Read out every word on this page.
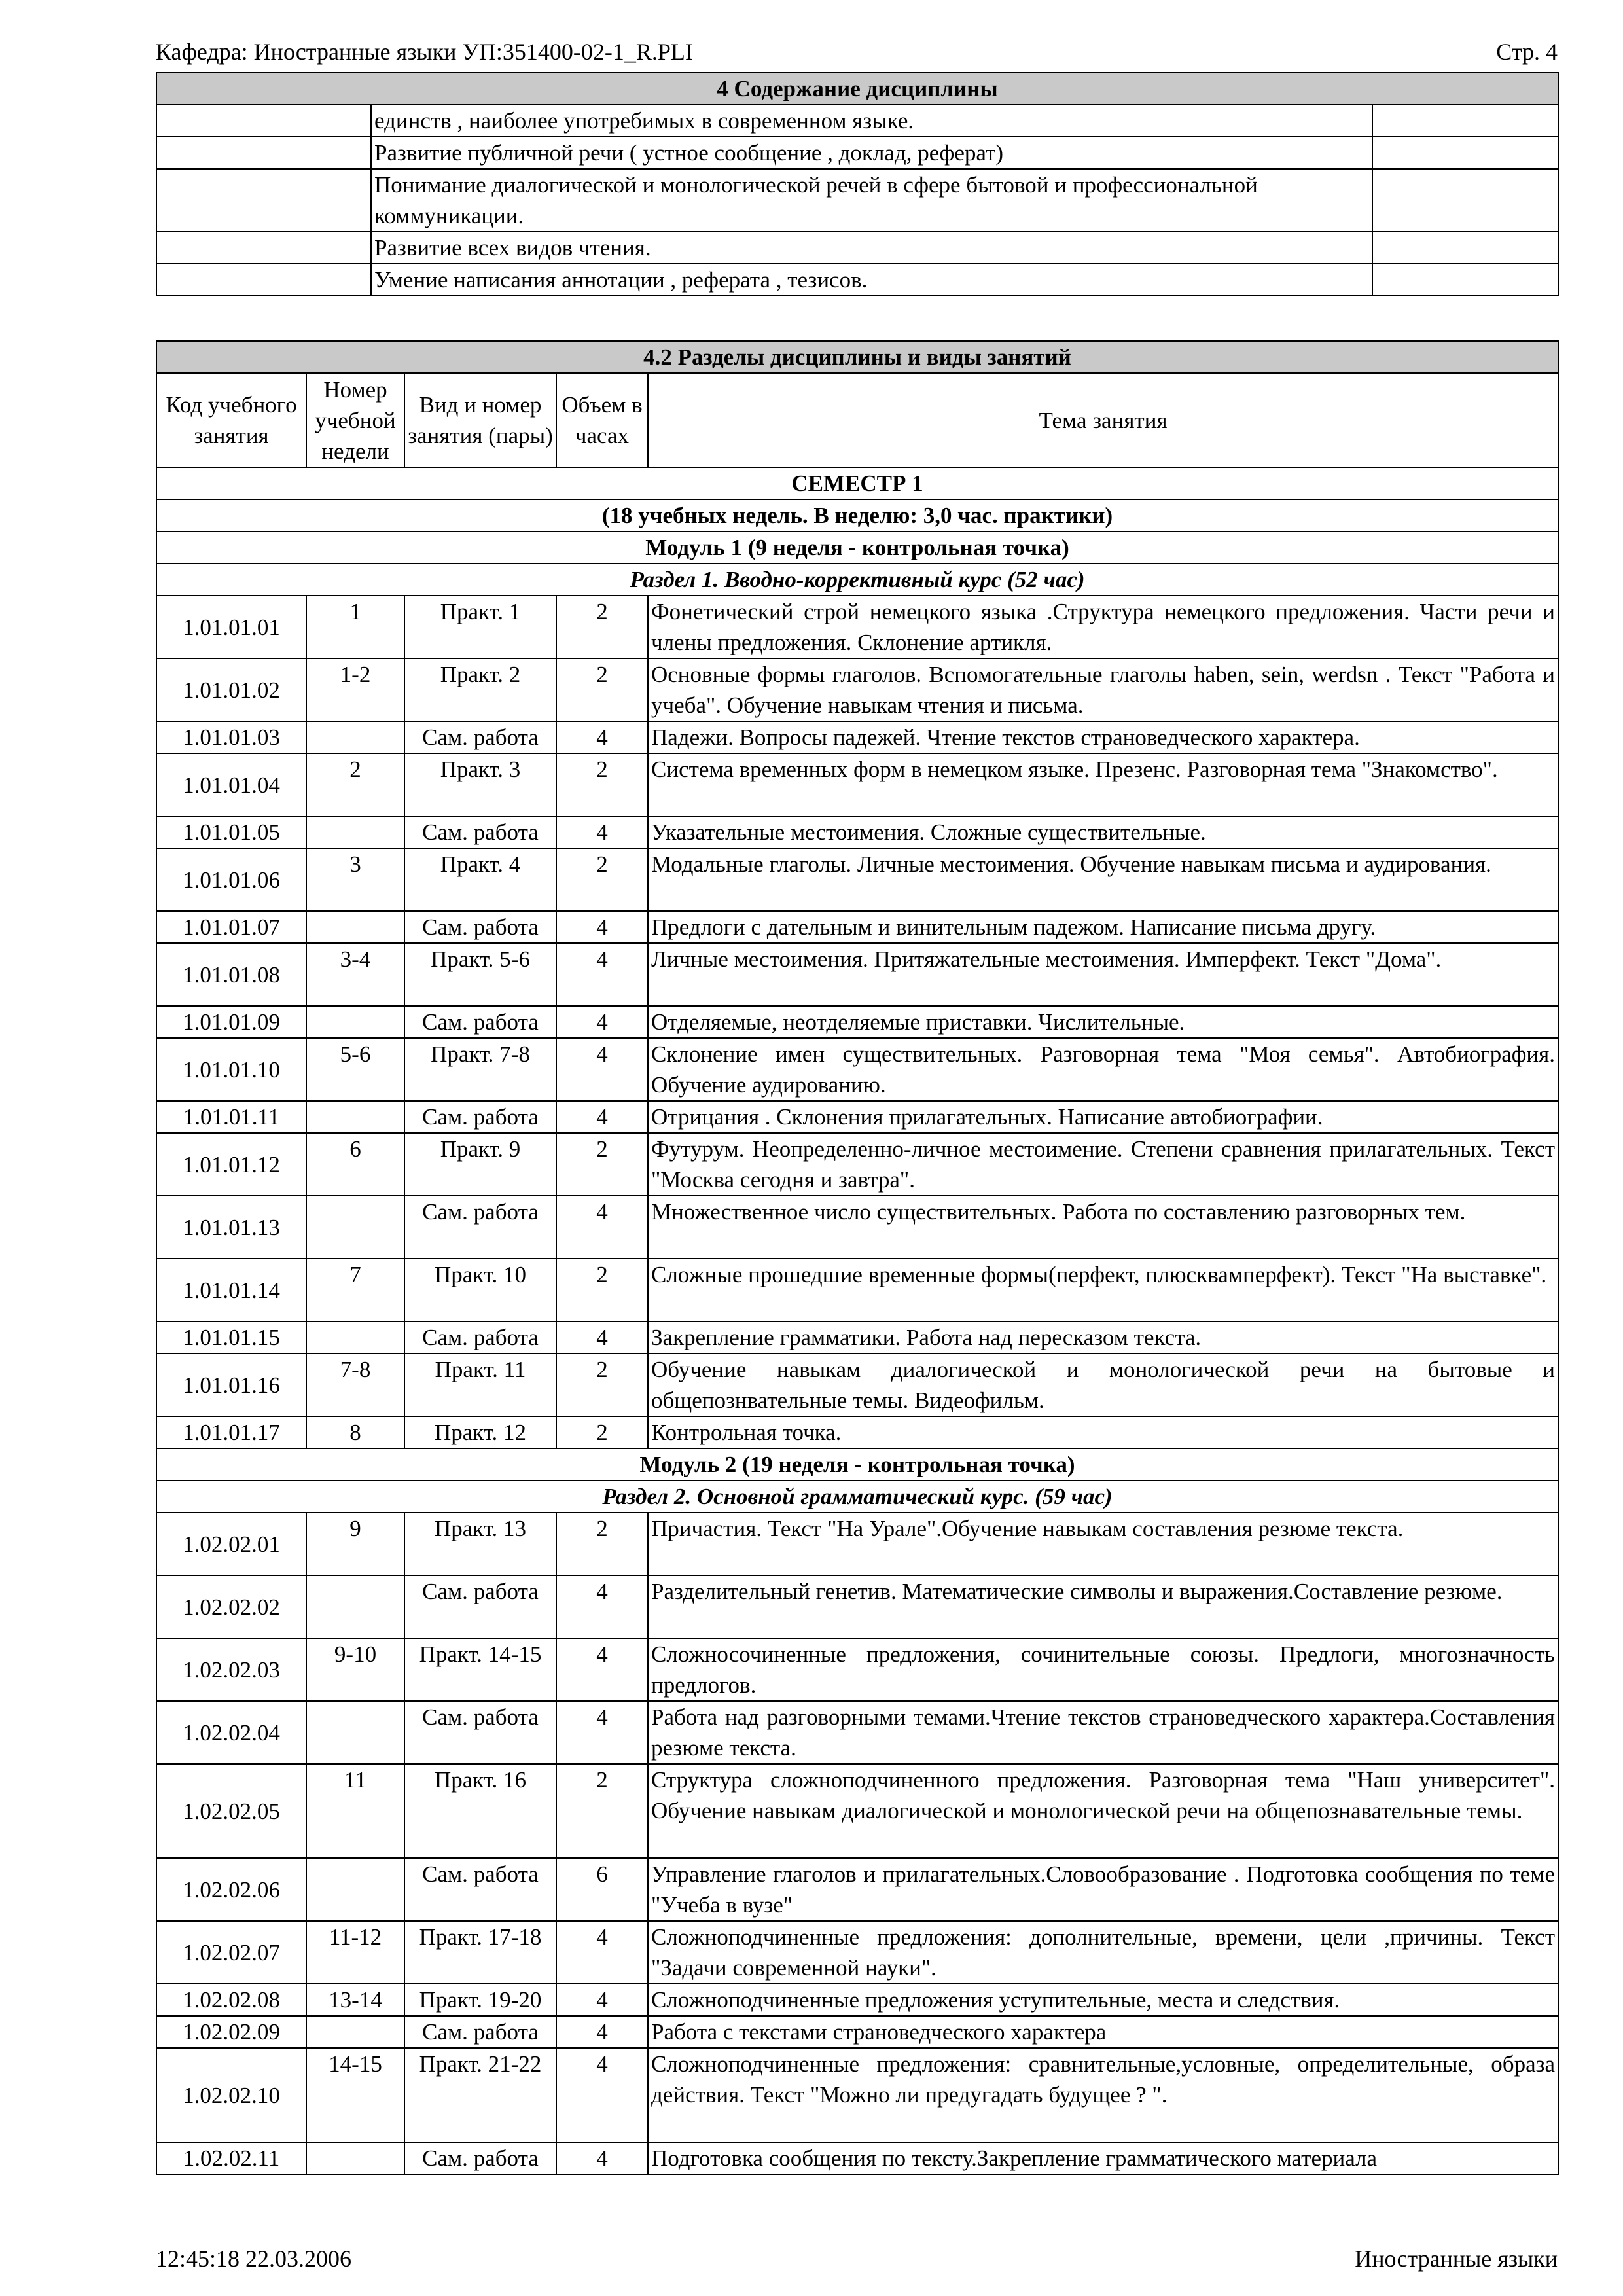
Кафедра: Иностранные языки УП:351400-02-1_R.PLI	Стр. 4
4 Содержание дисциплины		
	единств , наиболее употребимых в современном языке.	
	Развитие публичной речи ( устное сообщение , доклад, реферат)	
	Понимание диалогической и монологической речей в сфере бытовой и профессиональной коммуникации.	
	Развитие всех видов чтения.	
	Умение написания аннотации , реферата , тезисов.	
4.2 Разделы дисциплины и виды занятий				
Код учебного занятия	Номер учебной недели	Вид и номер занятия (пары)	Объем в часах	Тема занятия
СЕМЕСТР 1				
(18 учебных недель. В неделю: 3,0 час. практики)				
Модуль 1 (9 неделя - контрольная точка)				
Раздел 1. Вводно-коррективный курс (52 час)				
1.01.01.01	1	Практ. 1	2	Фонетический строй немецкого языка .Структура немецкого предложения. Части речи и члены предложения. Склонение артикля.
1.01.01.02	1-2	Практ. 2	2	Основные формы глаголов. Вспомогательные глаголы haben, sein, werdsn . Текст "Работа и учеба". Обучение навыкам чтения и письма.
1.01.01.03		Сам. работа	4	Падежи. Вопросы падежей. Чтение текстов страноведческого характера.
1.01.01.04	2	Практ. 3	2	Система временных форм в немецком языке. Презенс. Разговорная тема "Знакомство".
1.01.01.05		Сам. работа	4	Указательные местоимения. Сложные существительные.
1.01.01.06	3	Практ. 4	2	Модальные глаголы. Личные местоимения. Обучение навыкам письма и аудирования.
1.01.01.07		Сам. работа	4	Предлоги с дательным и винительным падежом. Написание письма другу.
1.01.01.08	3-4	Практ. 5-6	4	Личные местоимения. Притяжательные местоимения. Имперфект. Текст "Дома".
1.01.01.09		Сам. работа	4	Отделяемые, неотделяемые приставки. Числительные.
1.01.01.10	5-6	Практ. 7-8	4	Склонение имен существительных. Разговорная тема "Моя семья". Автобиография. Обучение аудированию.
1.01.01.11		Сам. работа	4	Отрицания . Склонения прилагательных. Написание автобиографии.
1.01.01.12	6	Практ. 9	2	Футурум. Неопределенно-личное местоимение. Степени сравнения прилагательных. Текст "Москва сегодня и завтра".
1.01.01.13		Сам. работа	4	Множественное число существительных. Работа по составлению разговорных тем.
1.01.01.14	7	Практ. 10	2	Сложные прошедшие временные формы(перфект, плюсквамперфект). Текст "На выставке".
1.01.01.15		Сам. работа	4	Закрепление грамматики. Работа над пересказом текста.
1.01.01.16	7-8	Практ. 11	2	Обучение навыкам диалогической и монологической речи на бытовые и общепознвательные темы. Видеофильм.
1.01.01.17	8	Практ. 12	2	Контрольная точка.
Модуль 2 (19 неделя - контрольная точка)				
Раздел 2. Основной грамматический курс. (59 час)				
1.02.02.01	9	Практ. 13	2	Причастия. Текст "На Урале".Обучение навыкам составления резюме текста.
1.02.02.02		Сам. работа	4	Разделительный генетив. Математические символы и выражения.Составление резюме.
1.02.02.03	9-10	Практ. 14-15	4	Сложносочиненные предложения, сочинительные союзы. Предлоги, многозначность предлогов.
1.02.02.04		Сам. работа	4	Работа над разговорными темами.Чтение текстов страноведческого характера.Составления резюме текста.
1.02.02.05	11	Практ. 16	2	Структура сложноподчиненного предложения. Разговорная тема "Наш университет". Обучение навыкам диалогической и монологической речи на общепознавательные темы.
1.02.02.06		Сам. работа	6	Управление глаголов и прилагательных.Словообразование . Подготовка сообщения по теме "Учеба в вузе"
1.02.02.07	11-12	Практ. 17-18	4	Сложноподчиненные предложения: дополнительные, времени, цели ,причины. Текст "Задачи современной науки".
1.02.02.08	13-14	Практ. 19-20	4	Сложноподчиненные предложения уступительные, места и следствия.
1.02.02.09		Сам. работа	4	Работа с текстами страноведческого характера
1.02.02.10	14-15	Практ. 21-22	4	Сложноподчиненные предложения: сравнительные,условные, определительные, образа действия. Текст "Можно ли предугадать будущее ? ".
1.02.02.11		Сам. работа	4	Подготовка сообщения по тексту.Закрепление грамматического материала
12:45:18 22.03.2006	Иностранные языки
